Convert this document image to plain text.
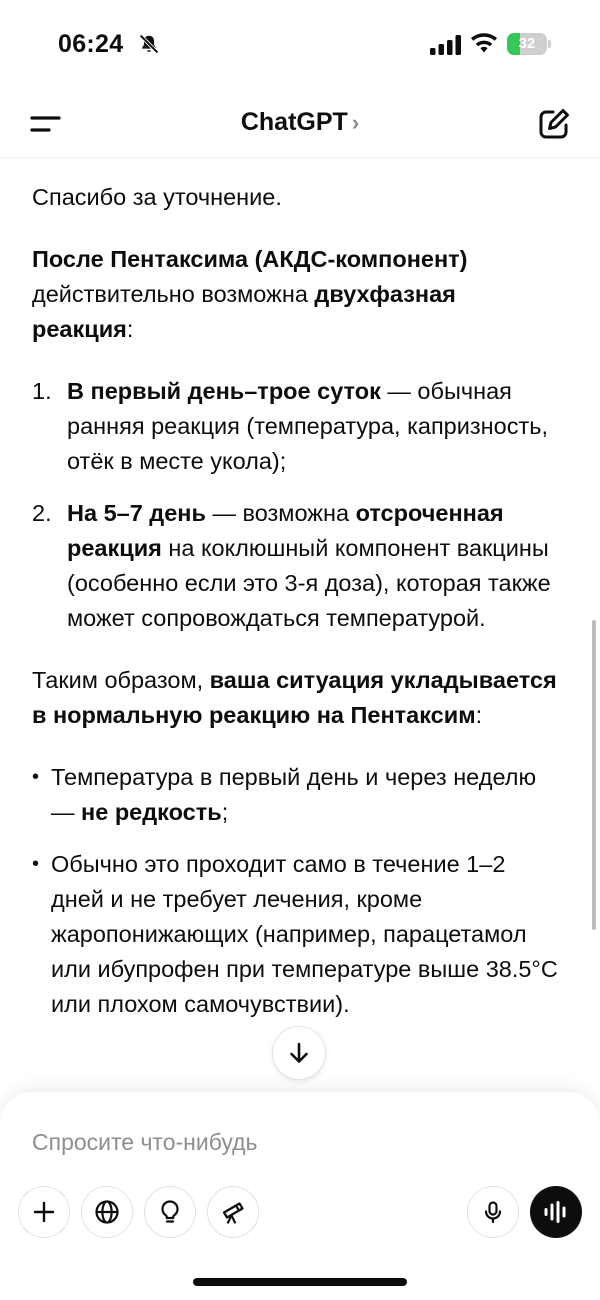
06:24	32
ChatGPT ›

Спасибо за уточнение.

После Пентаксима (АКДС-компонент) действительно возможна двухфазная реакция:

1. В первый день–трое суток — обычная ранняя реакция (температура, капризность, отёк в месте укола);
2. На 5–7 день — возможна отсроченная реакция на коклюшный компонент вакцины (особенно если это 3-я доза), которая также может сопровождаться температурой.

Таким образом, ваша ситуация укладывается в нормальную реакцию на Пентаксим:

• Температура в первый день и через неделю — не редкость;
• Обычно это проходит само в течение 1–2 дней и не требует лечения, кроме жаропонижающих (например, парацетамол или ибупрофен при температуре выше 38.5°C или плохом самочувствии).
Спросите что-нибудь
